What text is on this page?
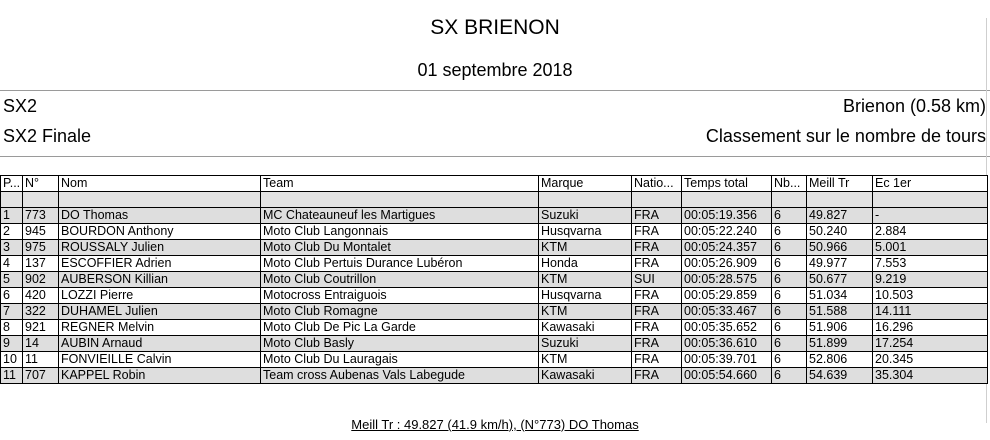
SX BRIENON
01 septembre 2018
SX2	Brienon (0.58 km)
SX2 Finale	Classement sur le nombre de tours
P...	N°	Nom	Team	Marque	Natio...	Temps total	Nb...	Meill Tr	Ec 1er

1	773	DO Thomas	MC Chateauneuf les Martigues	Suzuki	FRA	00:05:19.356	6	49.827	-
2	945	BOURDON Anthony	Moto Club Langonnais	Husqvarna	FRA	00:05:22.240	6	50.240	2.884
3	975	ROUSSALY Julien	Moto Club Du Montalet	KTM	FRA	00:05:24.357	6	50.966	5.001
4	137	ESCOFFIER Adrien	Moto Club Pertuis Durance Lubéron	Honda	FRA	00:05:26.909	6	49.977	7.553
5	902	AUBERSON Killian	Moto Club Coutrillon	KTM	SUI	00:05:28.575	6	50.677	9.219
6	420	LOZZI Pierre	Motocross Entraiguois	Husqvarna	FRA	00:05:29.859	6	51.034	10.503
7	322	DUHAMEL Julien	Moto Club Romagne	KTM	FRA	00:05:33.467	6	51.588	14.111
8	921	REGNER Melvin	Moto Club De Pic La Garde	Kawasaki	FRA	00:05:35.652	6	51.906	16.296
9	14	AUBIN Arnaud	Moto Club Basly	Suzuki	FRA	00:05:36.610	6	51.899	17.254
10	11	FONVIEILLE Calvin	Moto Club Du Lauragais	KTM	FRA	00:05:39.701	6	52.806	20.345
11	707	KAPPEL Robin	Team cross Aubenas Vals Labegude	Kawasaki	FRA	00:05:54.660	6	54.639	35.304
Meill Tr : 49.827 (41.9 km/h), (N°773) DO Thomas
